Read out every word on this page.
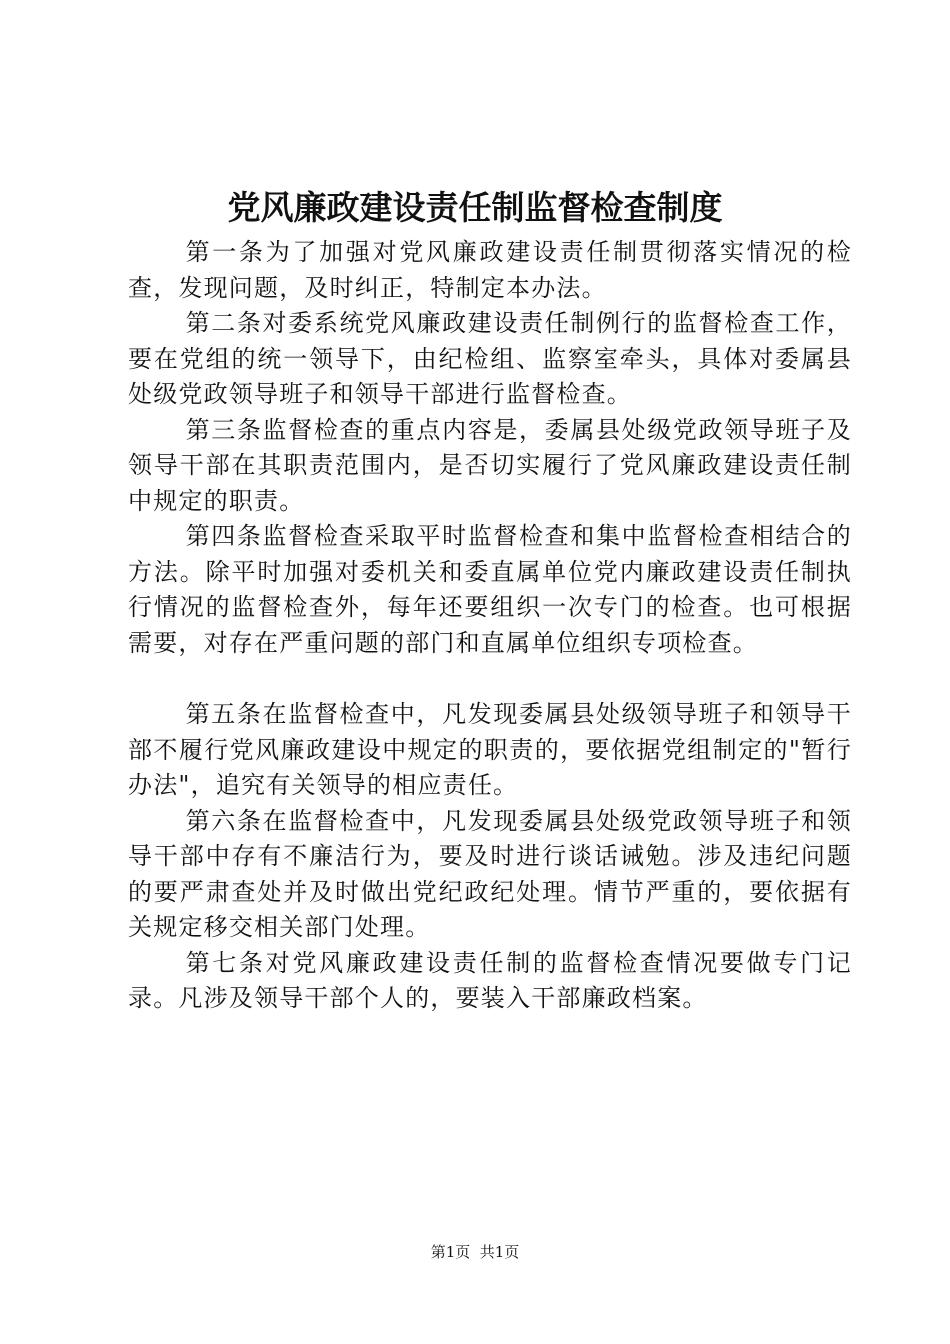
党风廉政建设责任制监督检查制度

第一条为了加强对党风廉政建设责任制贯彻落实情况的检查，发现问题，及时纠正，特制定本办法。

第二条对委系统党风廉政建设责任制例行的监督检查工作，要在党组的统一领导下，由纪检组、监察室牵头，具体对委属县处级党政领导班子和领导干部进行监督检查。

第三条监督检查的重点内容是，委属县处级党政领导班子及领导干部在其职责范围内，是否切实履行了党风廉政建设责任制中规定的职责。

第四条监督检查采取平时监督检查和集中监督检查相结合的方法。除平时加强对委机关和委直属单位党内廉政建设责任制执行情况的监督检查外，每年还要组织一次专门的检查。也可根据需要，对存在严重问题的部门和直属单位组织专项检查。

第五条在监督检查中，凡发现委属县处级领导班子和领导干部不履行党风廉政建设中规定的职责的，要依据党组制定的"暂行办法"，追究有关领导的相应责任。

第六条在监督检查中，凡发现委属县处级党政领导班子和领导干部中存有不廉洁行为，要及时进行谈话诫勉。涉及违纪问题的要严肃查处并及时做出党纪政纪处理。情节严重的，要依据有关规定移交相关部门处理。

第七条对党风廉政建设责任制的监督检查情况要做专门记录。凡涉及领导干部个人的，要装入干部廉政档案。

第1页  共1页
